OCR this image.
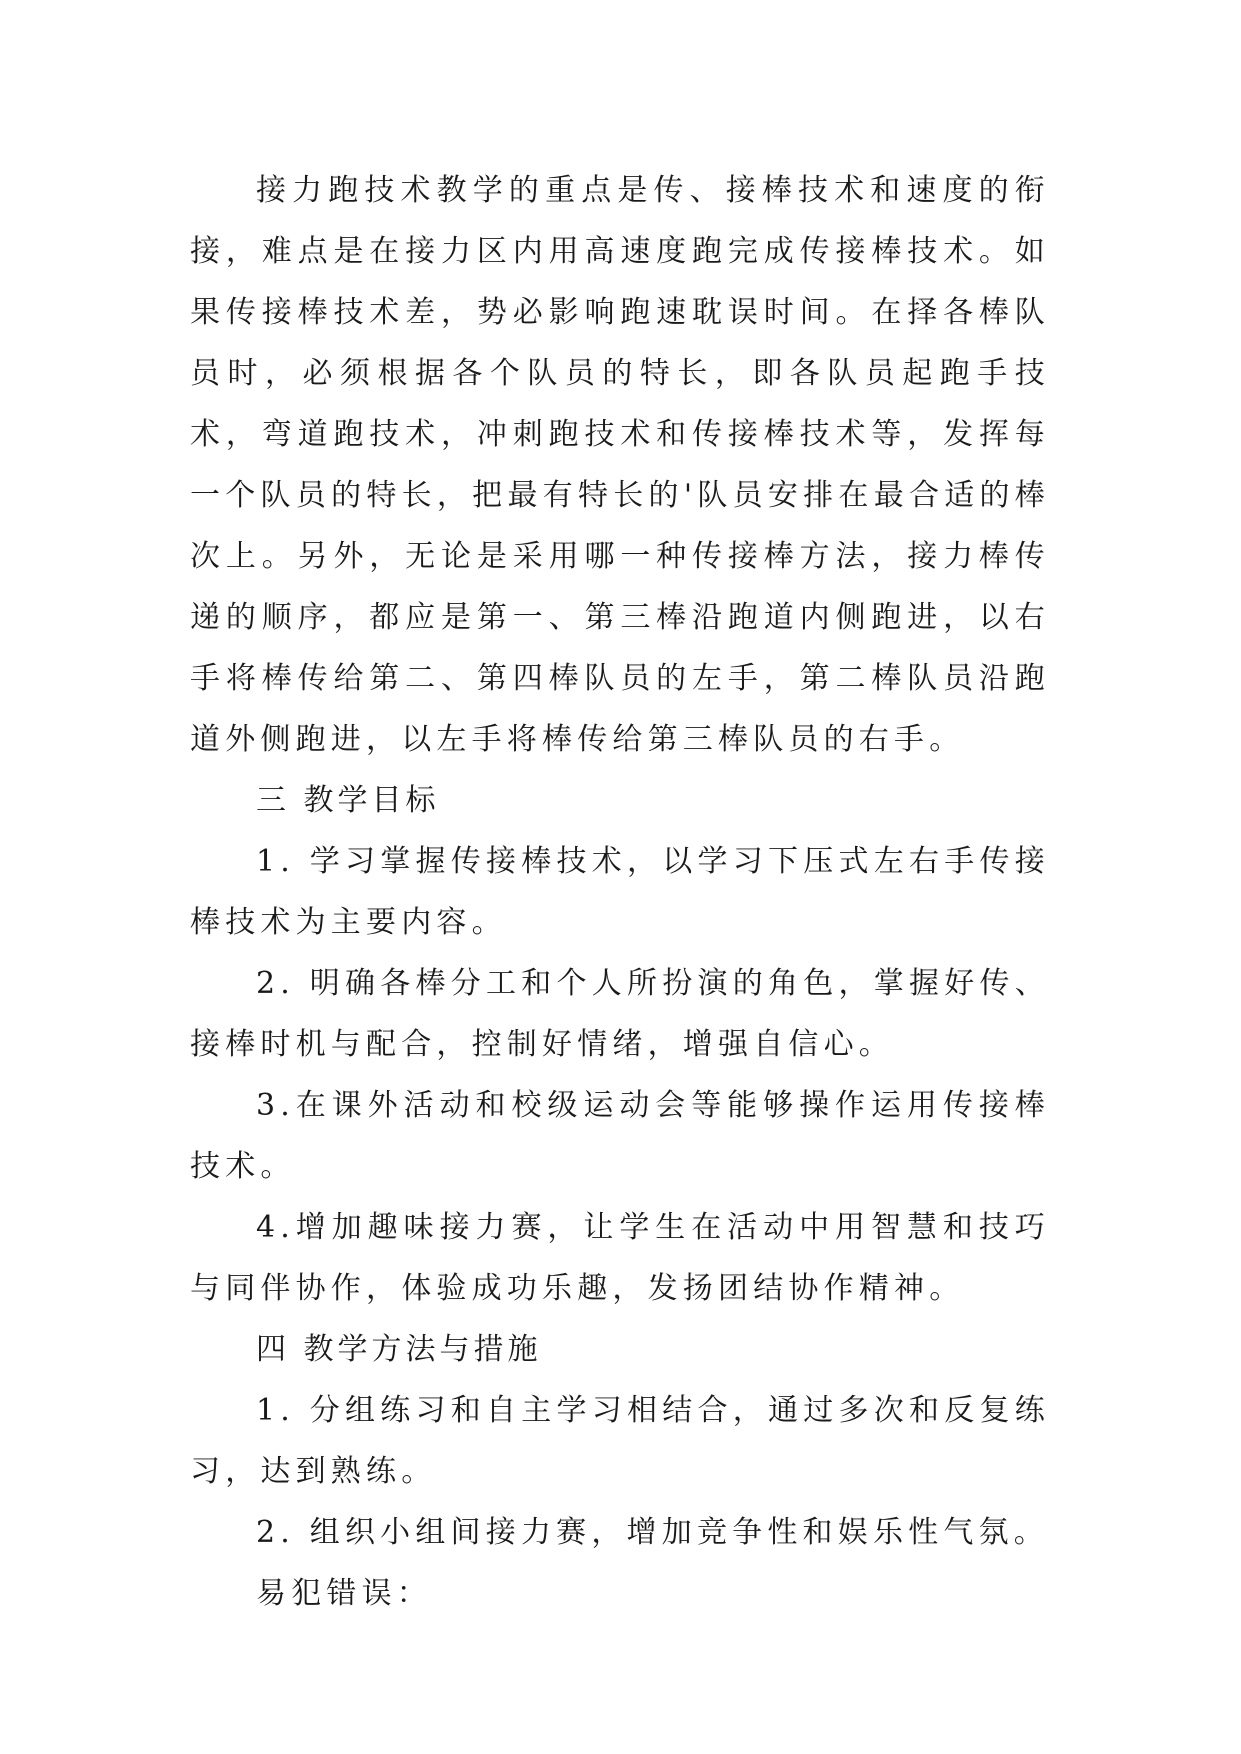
接力跑技术教学的重点是传、接棒技术和速度的衔接，难点是在接力区内用高速度跑完成传接棒技术。如果传接棒技术差，势必影响跑速耽误时间。在择各棒队员时，必须根据各个队员的特长，即各队员起跑手技术，弯道跑技术，冲刺跑技术和传接棒技术等，发挥每一个队员的特长，把最有特长的'队员安排在最合适的棒次上。另外，无论是采用哪一种传接棒方法，接力棒传递的顺序，都应是第一、第三棒沿跑道内侧跑进，以右手将棒传给第二、第四棒队员的左手，第二棒队员沿跑道外侧跑进，以左手将棒传给第三棒队员的右手。

三 教学目标

1. 学习掌握传接棒技术，以学习下压式左右手传接棒技术为主要内容。

2. 明确各棒分工和个人所扮演的角色，掌握好传、接棒时机与配合，控制好情绪，增强自信心。

3.在课外活动和校级运动会等能够操作运用传接棒技术。

4.增加趣味接力赛，让学生在活动中用智慧和技巧与同伴协作，体验成功乐趣，发扬团结协作精神。

四 教学方法与措施

1. 分组练习和自主学习相结合，通过多次和反复练习，达到熟练。

2. 组织小组间接力赛，增加竞争性和娱乐性气氛。

易犯错误：
